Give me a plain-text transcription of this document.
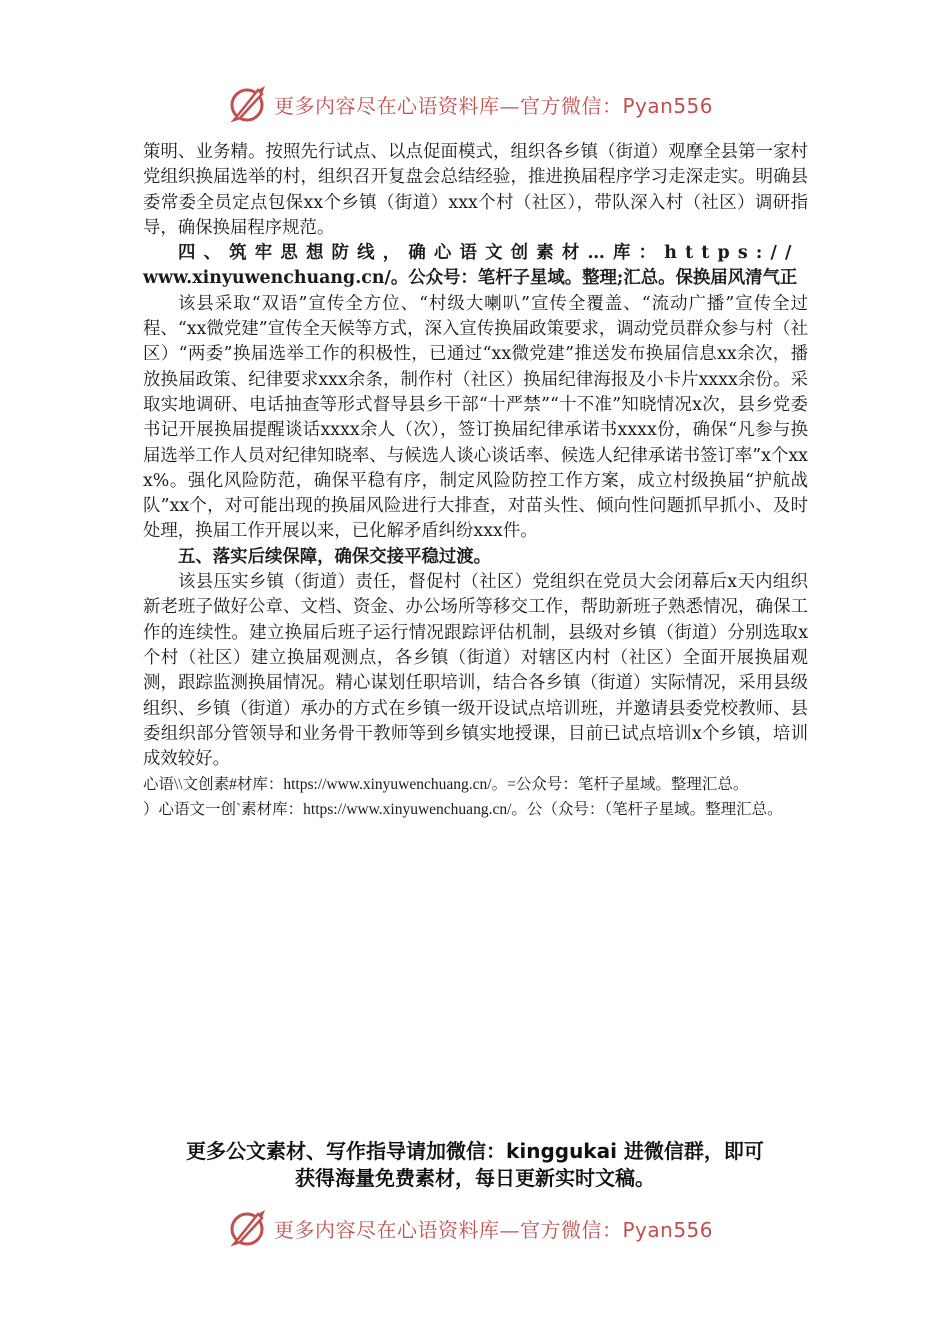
更多内容尽在心语资料库—官方微信：Pyan556

策明、业务精。按照先行试点、以点促面模式，组织各乡镇（街道）观摩全县第一家村党组织换届选举的村，组织召开复盘会总结经验，推进换届程序学习走深走实。明确县委常委全员定点包保xx个乡镇（街道）xxx个村（社区），带队深入村（社区）调研指导，确保换届程序规范。

四、筑牢思想防线，确心语文创素材…库：https://

www.xinyuwenchuang.cn/。公众号：笔杆子星域。整理;汇总。保换届风清气正

该县采取“双语”宣传全方位、“村级大喇叭”宣传全覆盖、“流动广播”宣传全过程、“xx微党建”宣传全天候等方式，深入宣传换届政策要求，调动党员群众参与村（社区）“两委”换届选举工作的积极性，已通过“xx微党建”推送发布换届信息xx余次，播放换届政策、纪律要求xxx余条，制作村（社区）换届纪律海报及小卡片xxxx余份。采取实地调研、电话抽查等形式督导县乡干部“十严禁”“十不准”知晓情况x次，县乡党委书记开展换届提醒谈话xxxx余人（次），签订换届纪律承诺书xxxx份，确保“凡参与换届选举工作人员对纪律知晓率、与候选人谈心谈话率、候选人纪律承诺书签订率”x个xxx%。强化风险防范，确保平稳有序，制定风险防控工作方案，成立村级换届“护航战队”xx个，对可能出现的换届风险进行大排查，对苗头性、倾向性问题抓早抓小、及时处理，换届工作开展以来，已化解矛盾纠纷xxx件。

五、落实后续保障，确保交接平稳过渡。

该县压实乡镇（街道）责任，督促村（社区）党组织在党员大会闭幕后x天内组织新老班子做好公章、文档、资金、办公场所等移交工作，帮助新班子熟悉情况，确保工作的连续性。建立换届后班子运行情况跟踪评估机制，县级对乡镇（街道）分别选取x个村（社区）建立换届观测点，各乡镇（街道）对辖区内村（社区）全面开展换届观测，跟踪监测换届情况。精心谋划任职培训，结合各乡镇（街道）实际情况，采用县级组织、乡镇（街道）承办的方式在乡镇一级开设试点培训班，并邀请县委党校教师、县委组织部分管领导和业务骨干教师等到乡镇实地授课，目前已试点培训x个乡镇，培训成效较好。

心语\\文创素#材库：https://www.xinyuwenchuang.cn/。=公众号：笔杆子星域。整理汇总。

）心语文一创`素材库：https://www.xinyuwenchuang.cn/。公（众号：（笔杆子星域。整理汇总。

更多公文素材、写作指导请加微信：kinggukai 进微信群，即可
获得海量免费素材，每日更新实时文稿。
更多内容尽在心语资料库—官方微信：Pyan556
